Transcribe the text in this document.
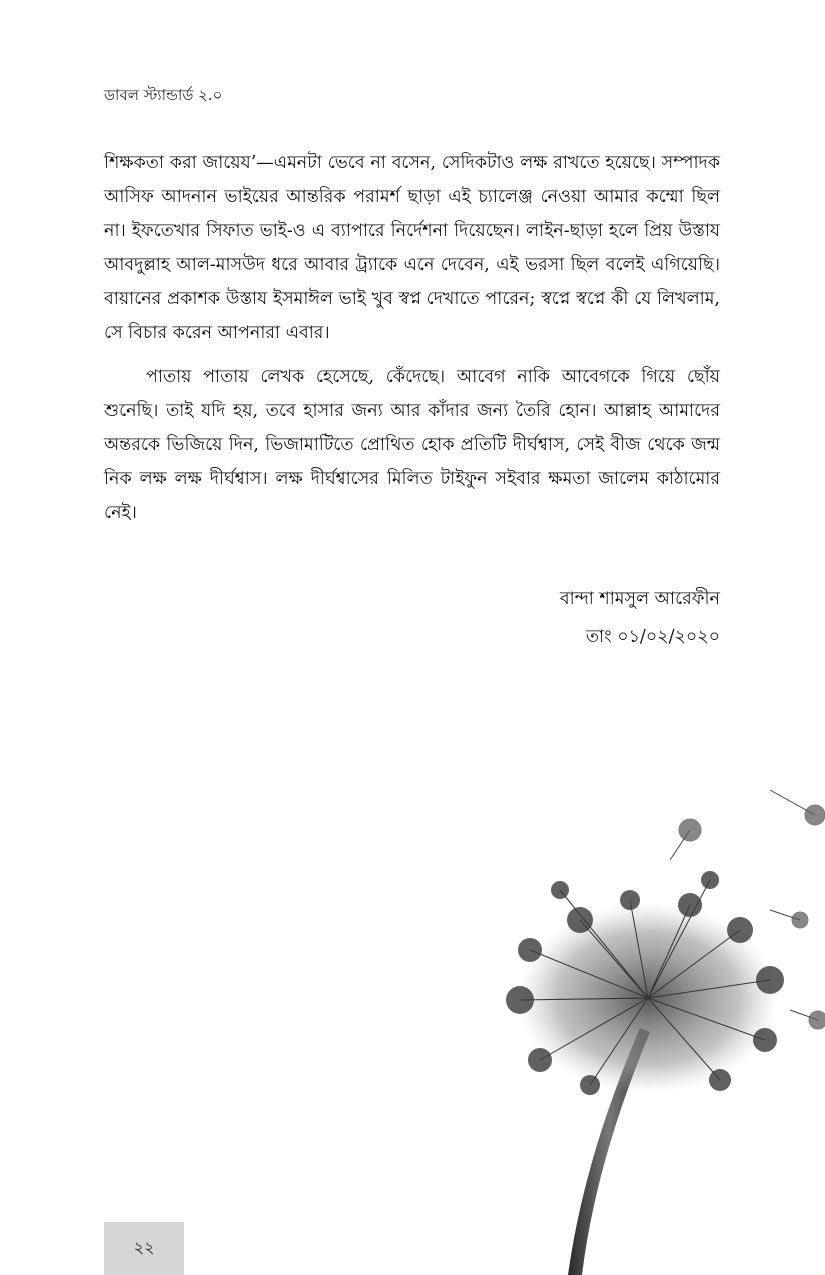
ডাবল স্ট্যান্ডার্ড ২.০

শিক্ষকতা করা জায়েয’—এমনটা ভেবে না বসেন, সেদিকটাও লক্ষ রাখতে হয়েছে। সম্পাদক আসিফ আদনান ভাইয়ের আন্তরিক পরামর্শ ছাড়া এই চ্যালেঞ্জ নেওয়া আমার কম্মো ছিল না। ইফতেখার সিফাত ভাই-ও এ ব্যাপারে নির্দেশনা দিয়েছেন। লাইন-ছাড়া হলে প্রিয় উস্তায আবদুল্লাহ আল-মাসউদ ধরে আবার ট্র্যাকে এনে দেবেন, এই ভরসা ছিল বলেই এগিয়েছি। বায়ানের প্রকাশক উস্তায ইসমাঈল ভাই খুব স্বপ্ন দেখাতে পারেন; স্বপ্নে স্বপ্নে কী যে লিখলাম, সে বিচার করেন আপনারা এবার।

পাতায় পাতায় লেখক হেসেছে, কেঁদেছে। আবেগ নাকি আবেগকে গিয়ে ছোঁয় শুনেছি। তাই যদি হয়, তবে হাসার জন্য আর কাঁদার জন্য তৈরি হোন। আল্লাহ আমাদের অন্তরকে ভিজিয়ে দিন, ভিজামাটিতে প্রোথিত হোক প্রতিটি দীর্ঘশ্বাস, সেই বীজ থেকে জন্ম নিক লক্ষ লক্ষ দীর্ঘশ্বাস। লক্ষ দীর্ঘশ্বাসের মিলিত টাইফুন সইবার ক্ষমতা জালেম কাঠামোর নেই।

বান্দা শামসুল আরেফীন
তাং ০১/০২/২০২০
২২
